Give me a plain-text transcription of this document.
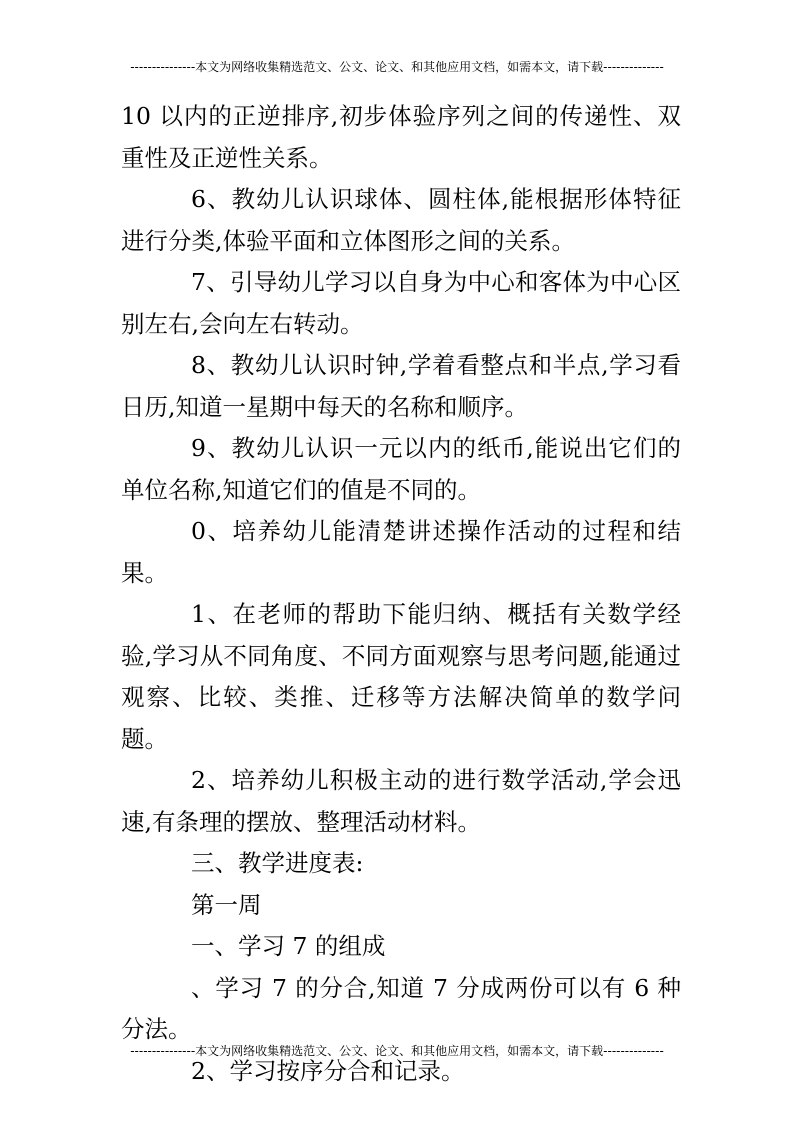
---------------本文为网络收集精选范文、公文、论文、和其他应用文档，如需本文，请下载--------------

10 以内的正逆排序,初步体验序列之间的传递性、双重性及正逆性关系。

6、教幼儿认识球体、圆柱体,能根据形体特征进行分类,体验平面和立体图形之间的关系。

7、引导幼儿学习以自身为中心和客体为中心区别左右,会向左右转动。

8、教幼儿认识时钟,学着看整点和半点,学习看日历,知道一星期中每天的名称和顺序。

9、教幼儿认识一元以内的纸币,能说出它们的单位名称,知道它们的值是不同的。

0、培养幼儿能清楚讲述操作活动的过程和结果。

1、在老师的帮助下能归纳、概括有关数学经验,学习从不同角度、不同方面观察与思考问题,能通过观察、比较、类推、迁移等方法解决简单的数学问题。

2、培养幼儿积极主动的进行数学活动,学会迅速,有条理的摆放、整理活动材料。

三、教学进度表:

第一周

一、学习 7 的组成

、学习 7 的分合,知道 7 分成两份可以有 6 种分法。

2、学习按序分合和记录。

---------------本文为网络收集精选范文、公文、论文、和其他应用文档，如需本文，请下载--------------
